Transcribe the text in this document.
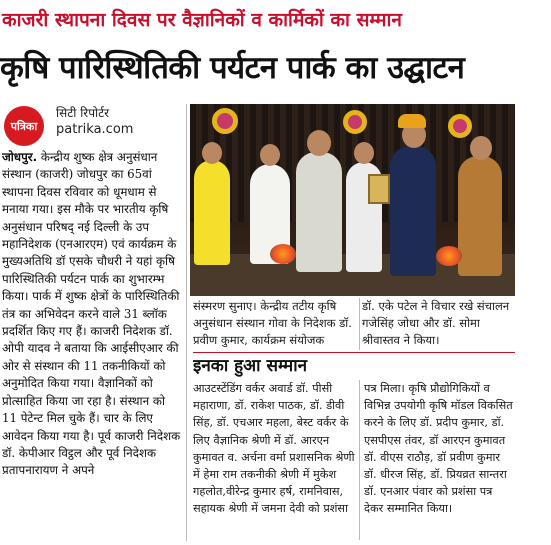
काजरी स्थापना दिवस पर वैज्ञानिकों व कार्मिकों का सम्मान
कृषि पारिस्थितिकी पर्यटन पार्क का उद्घाटन
पत्रिका
सिटी रिपोर्टर
patrika.com

जोधपुर. केन्द्रीय शुष्क क्षेत्र अनुसंधान संस्थान (काजरी) जोधपुर का 65वां स्थापना दिवस रविवार को धूमधाम से मनाया गया। इस मौके पर भारतीय कृषि अनुसंधान परिषद् नई दिल्ली के उप महानिदेशक (एनआरएम) एवं कार्यक्रम के मुख्यअतिथि डॉ एसके चौधरी ने यहां कृषि पारिस्थितिकी पर्यटन पार्क का शुभारम्भ किया। पार्क में शुष्क क्षेत्रों के पारिस्थितिकी तंत्र का अभिवेदन करने वाले 31 ब्लॉक प्रदर्शित किए गए हैं। काजरी निदेशक डॉ. ओपी यादव ने बताया कि आईसीएआर की ओर से संस्थान की 11 तकनीकियों को अनुमोदित किया गया। वैज्ञानिकों को प्रोत्साहित किया जा रहा है। संस्थान को 11 पेटेन्ट मिल चुके हैं। चार के लिए आवेदन किया गया है। पूर्व काजरी निदेशक डॉ. केपीआर विट्ठल और पूर्व निदेशक प्रतापनारायण ने अपने

संस्मरण सुनाए। केन्द्रीय तटीय कृषि अनुसंधान संस्थान गोवा के निदेशक डॉ. प्रवीण कुमार, कार्यक्रम संयोजक
डॉ. एके पटेल ने विचार रखे संचालन गजेसिंह जोधा और डॉ. सोमा श्रीवास्तव ने किया।
इनका हुआ सम्मान
आउटस्टेंडिंग वर्कर अवार्ड डॉ. पीसी महाराणा, डॉ. राकेश पाठक, डॉ. डीवी सिंह, डॉ. एचआर महला, बेस्ट वर्कर के लिए वैज्ञानिक श्रेणी में डॉ. आरएन कुमावत व. अर्चना वर्मा प्रशासनिक श्रेणी में हेमा राम तकनीकी श्रेणी में मुकेश गहलोत,वीरेन्द्र कुमार हर्ष, रामनिवास, सहायक श्रेणी में जमना देवी को प्रशंसा
पत्र मिला। कृषि प्रौद्योगिकियों व विभिन्न उपयोगी कृषि मॉडल विकसित करने के लिए डॉ. प्रदीप कुमार, डॉ. एसपीएस तंवर, डॉ आरएन कुमावत डॉ. वीएस राठौड़, डॉ प्रवीण कुमार डॉ. धीरज सिंह, डॉ. प्रियव्रत सान्तरा डॉ. एनआर पंवार को प्रशंसा पत्र देकर सम्मानित किया।
